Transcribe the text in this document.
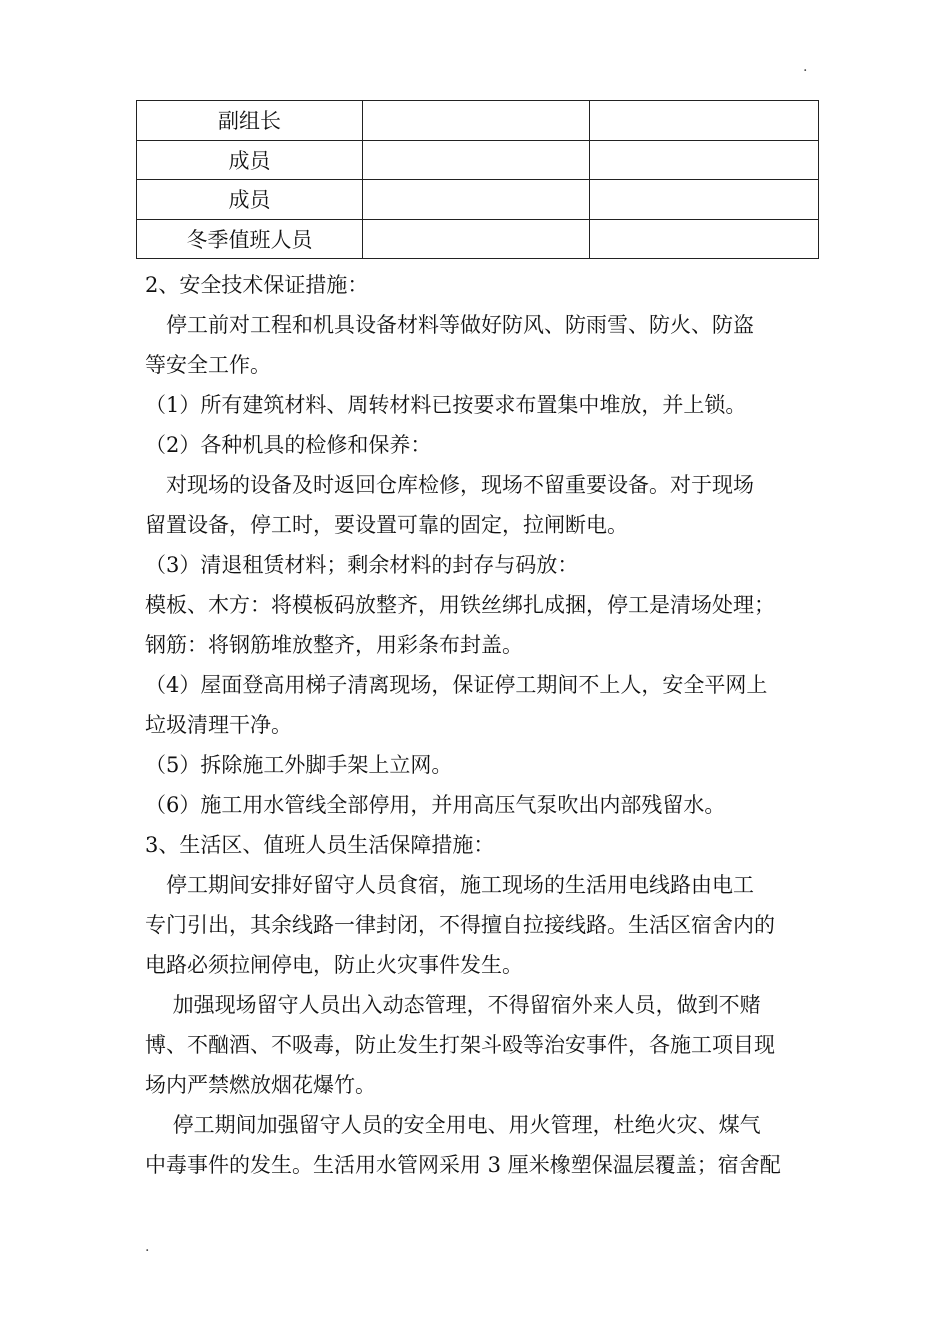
.
副组长		
成员		
成员		
冬季值班人员		
2、安全技术保证措施：
　停工前对工程和机具设备材料等做好防风、防雨雪、防火、防盗
等安全工作。
（1）所有建筑材料、周转材料已按要求布置集中堆放，并上锁。
（2）各种机具的检修和保养：
　对现场的设备及时返回仓库检修，现场不留重要设备。对于现场
留置设备，停工时，要设置可靠的固定，拉闸断电。
（3）清退租赁材料；剩余材料的封存与码放：
模板、木方：将模板码放整齐，用铁丝绑扎成捆，停工是清场处理；
钢筋：将钢筋堆放整齐，用彩条布封盖。
（4）屋面登高用梯子清离现场，保证停工期间不上人，安全平网上
垃圾清理干净。
（5）拆除施工外脚手架上立网。
（6）施工用水管线全部停用，并用高压气泵吹出内部残留水。
3、生活区、值班人员生活保障措施：
　停工期间安排好留守人员食宿，施工现场的生活用电线路由电工
专门引出，其余线路一律封闭，不得擅自拉接线路。生活区宿舍内的
电路必须拉闸停电，防止火灾事件发生。
　 加强现场留守人员出入动态管理，不得留宿外来人员，做到不赌
博、不酗酒、不吸毒，防止发生打架斗殴等治安事件，各施工项目现
场内严禁燃放烟花爆竹。
　 停工期间加强留守人员的安全用电、用火管理，杜绝火灾、煤气
中毒事件的发生。生活用水管网采用 3 厘米橡塑保温层覆盖；宿舍配
.
